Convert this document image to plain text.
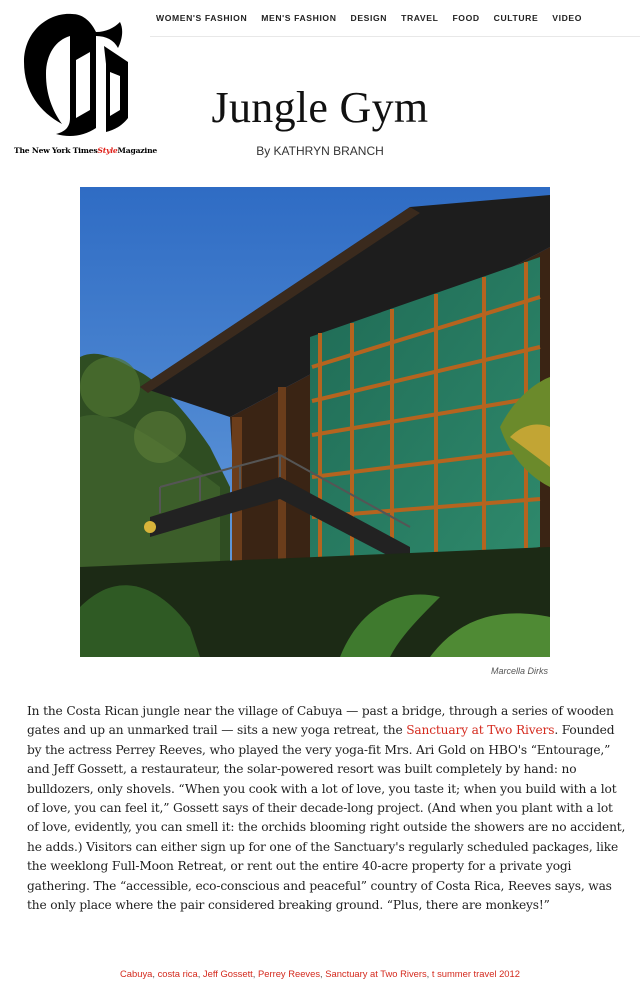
The New York TimesStyleMagazine
WOMEN'S FASHION MEN'S FASHION DESIGN TRAVEL FOOD CULTURE VIDEO
Jungle Gym
By KATHRYN BRANCH
Marcella Dirks

In the Costa Rican jungle near the village of Cabuya — past a bridge, through a series of wooden gates and up an unmarked trail — sits a new yoga retreat, the Sanctuary at Two Rivers. Founded by the actress Perrey Reeves, who played the very yoga-fit Mrs. Ari Gold on HBO's “Entourage,” and Jeff Gossett, a restaurateur, the solar-powered resort was built completely by hand: no bulldozers, only shovels. “When you cook with a lot of love, you taste it; when you build with a lot of love, you can feel it,” Gossett says of their decade-long project. (And when you plant with a lot of love, evidently, you can smell it: the orchids blooming right outside the showers are no accident, he adds.) Visitors can either sign up for one of the Sanctuary's regularly scheduled packages, like the weeklong Full-Moon Retreat, or rent out the entire 40-acre property for a private yogi gathering. The “accessible, eco-conscious and peaceful” country of Costa Rica, Reeves says, was the only place where the pair considered breaking ground. “Plus, there are monkeys!”

Cabuya, costa rica, Jeff Gossett, Perrey Reeves, Sanctuary at Two Rivers, t summer travel 2012
